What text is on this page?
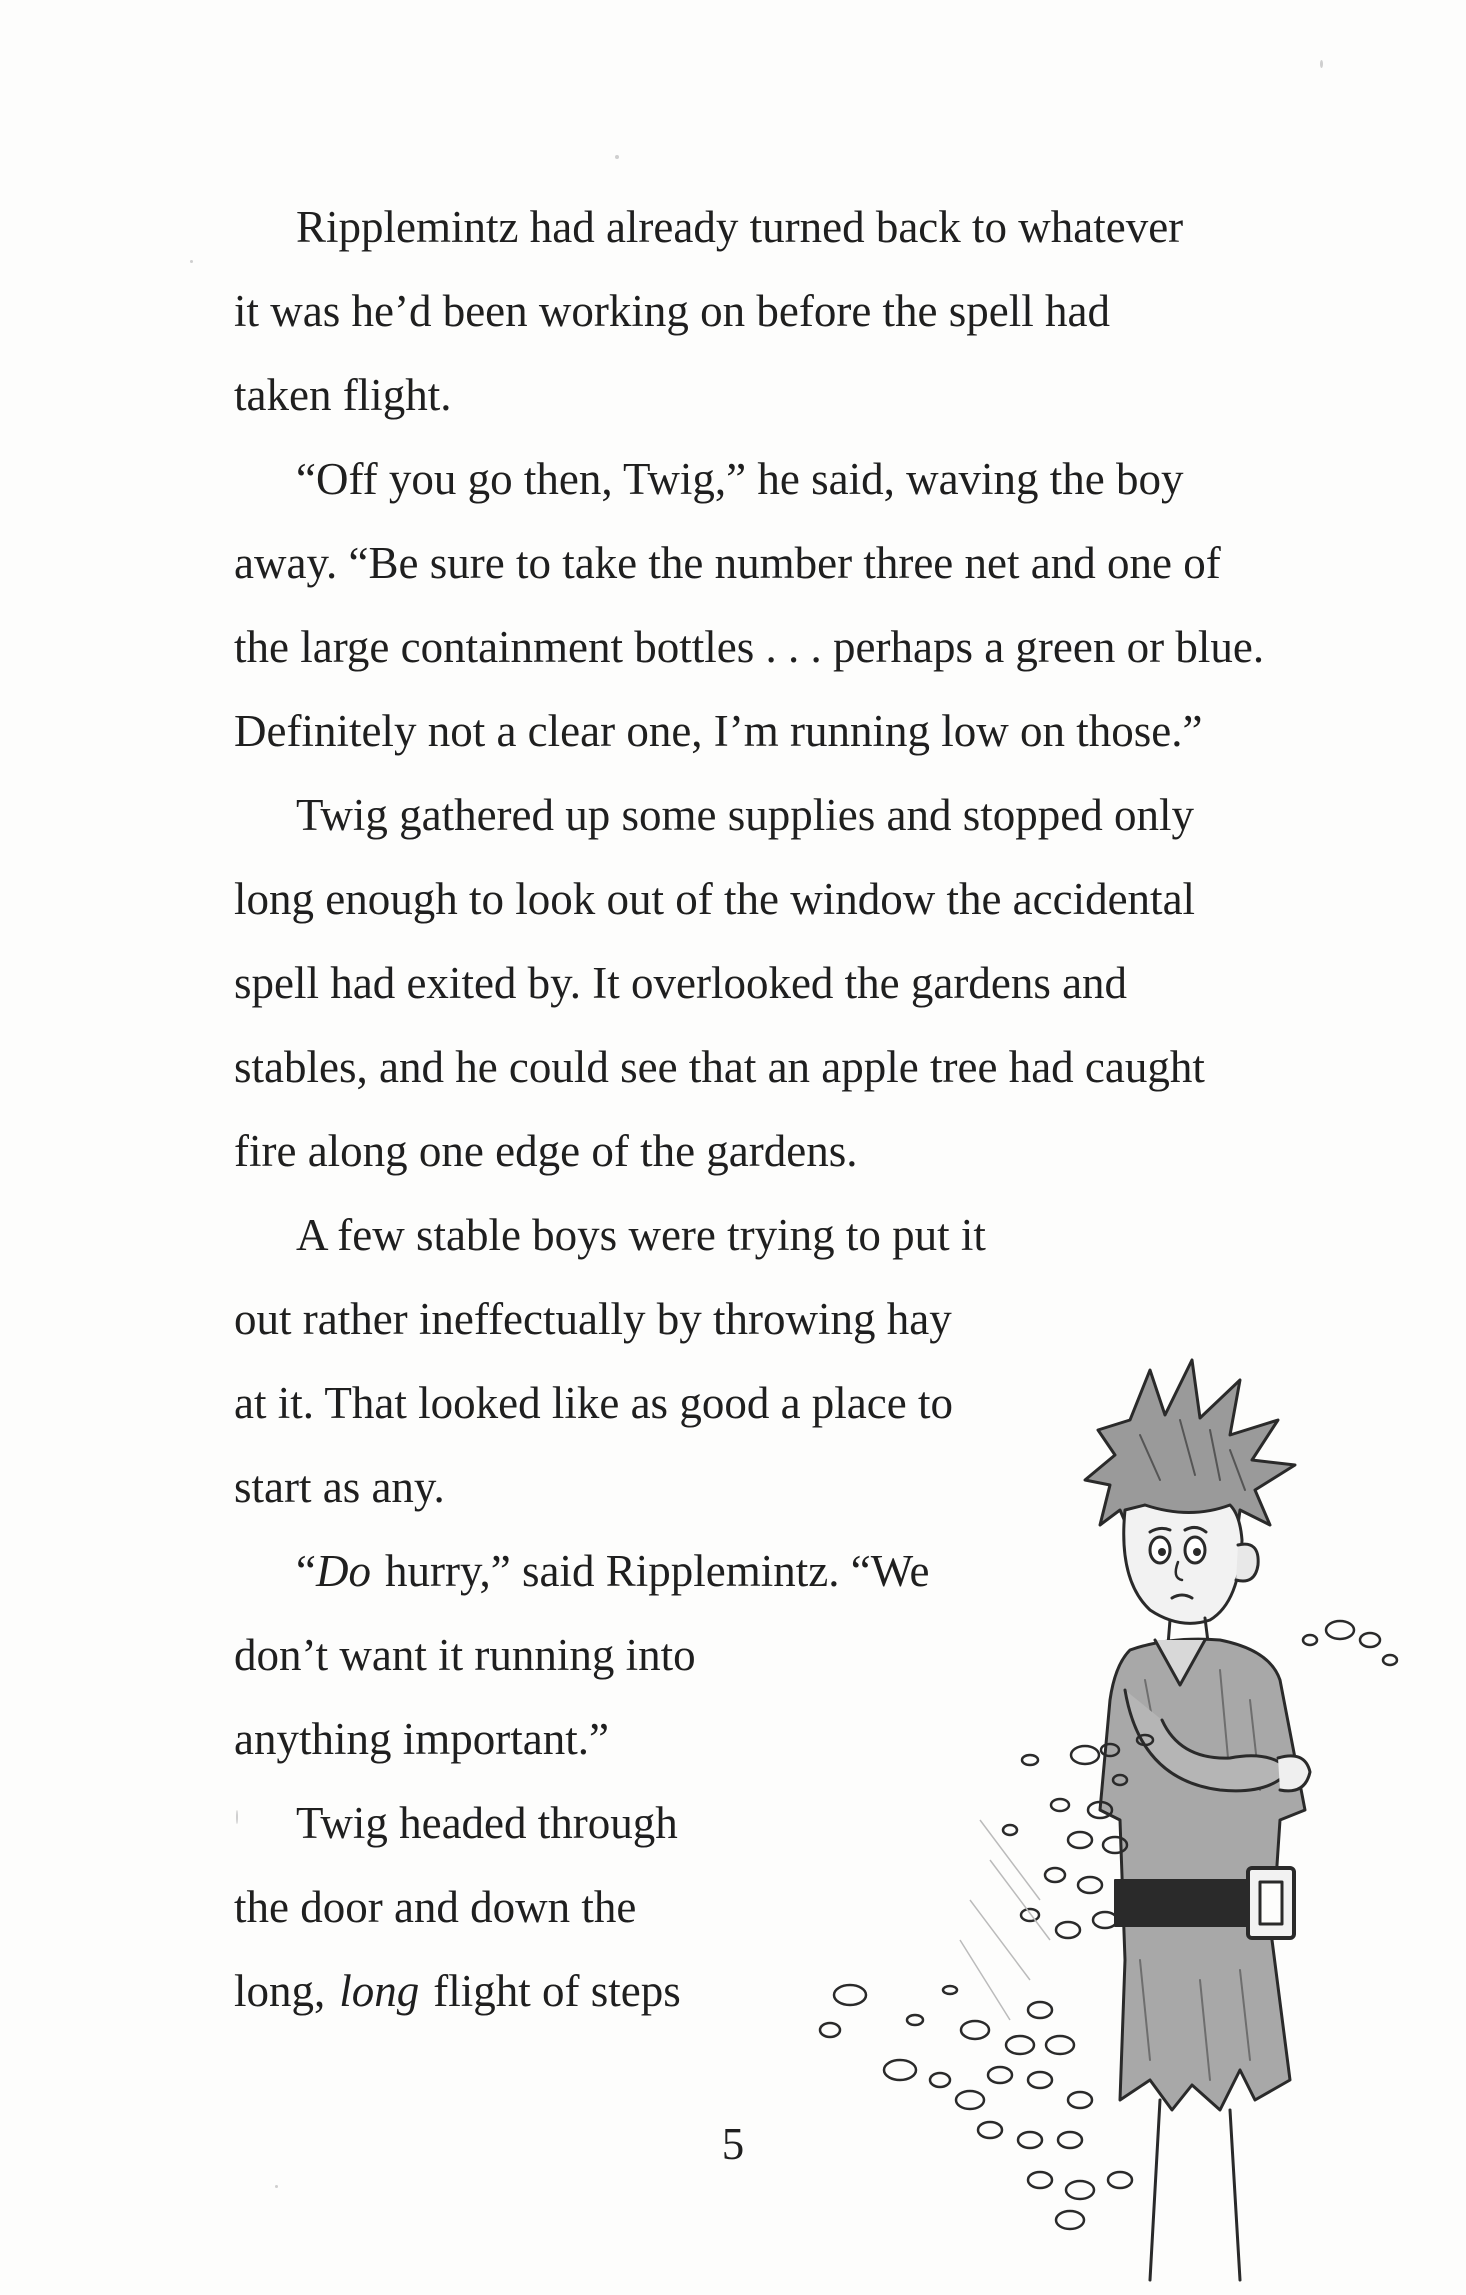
Ripplemintz had already turned back to whatever
it was he’d been working on before the spell had
taken flight.
“Off you go then, Twig,” he said, waving the boy
away. “Be sure to take the number three net and one of
the large containment bottles . . . perhaps a green or blue.
Definitely not a clear one, I’m running low on those.”
Twig gathered up some supplies and stopped only
long enough to look out of the window the accidental
spell had exited by. It overlooked the gardens and
stables, and he could see that an apple tree had caught
fire along one edge of the gardens.
A few stable boys were trying to put it
out rather ineffectually by throwing hay
at it. That looked like as good a place to
start as any.
“ Do hurry,” said Ripplemintz. “We
don’t want it running into
anything important.”
Twig headed through
the door and down the
long, long flight of steps
5
